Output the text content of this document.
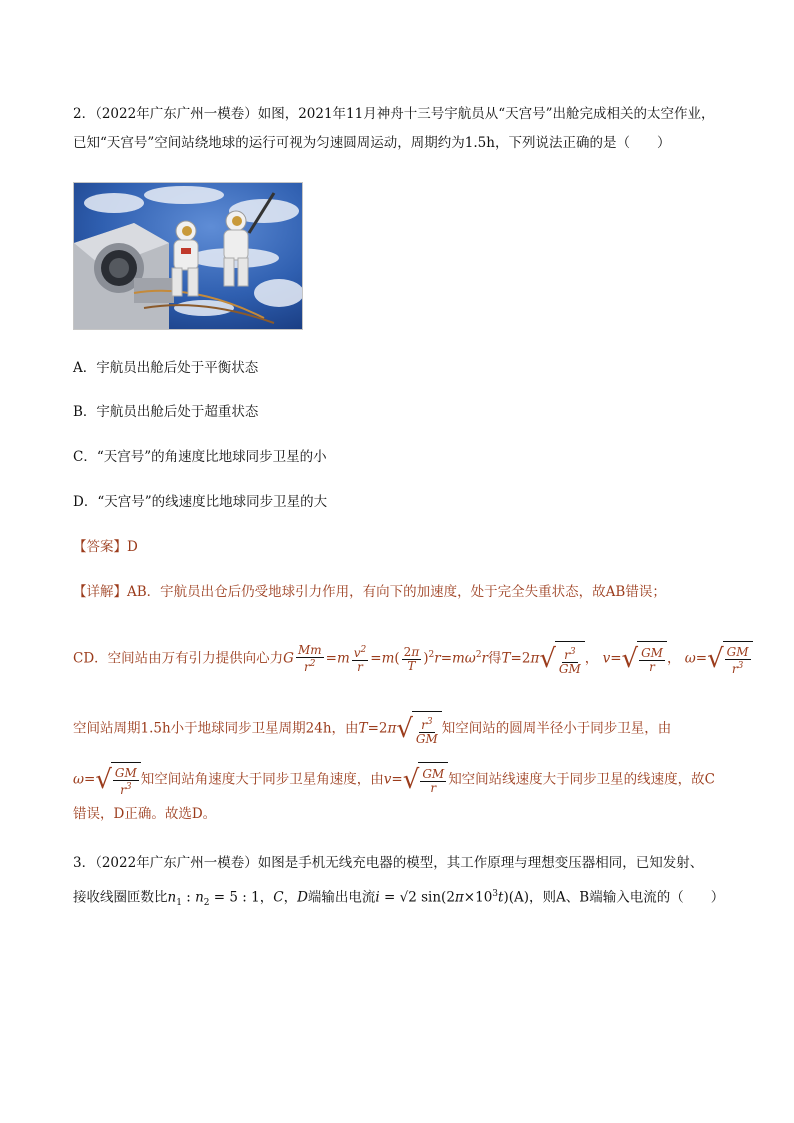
2．（2022年广东广州一模卷）如图，2021年11月神舟十三号宇航员从“天宫号”出舱完成相关的太空作业，
已知“天宫号”空间站绕地球的运行可视为匀速圆周运动，周期约为1.5h，下列说法正确的是（　　）
A．宇航员出舱后处于平衡状态
B．宇航员出舱后处于超重状态
C．“天宫号”的角速度比地球同步卫星的小
D．“天宫号”的线速度比地球同步卫星的大
【答案】D
【详解】AB．宇航员出仓后仍受地球引力作用，有向下的加速度，处于完全失重状态，故AB错误；
CD．空间站由万有引力提供向心力G $\frac{Mm}{r^2} =m \frac{v^2}{r} =m( \frac{2\pi}{T} )^2r=m\omega^2r$得T=2π √ $\frac{r^3}{GM}$ ， v= √ $\frac{GM}{r}$ ， ω= √ $\frac{GM}{r^3}$
空间站周期1.5h小于地球同步卫星周期24h，由T=2π √ $\frac{r^3}{GM}$ 知空间站的圆周半径小于同步卫星，由
ω= √ $\frac{GM}{r^3}$ 知空间站角速度大于同步卫星角速度，由v= √ $\frac{GM}{r}$ 知空间站线速度大于同步卫星的线速度，故C
错误，D正确。故选D。
3．（2022年广东广州一模卷）如图是手机无线充电器的模型，其工作原理与理想变压器相同，已知发射、
接收线圈匝数比$n_1$ : $n_2 = 5$ : 1，C，D端输出电流i = √2 $\sin(2\pi\times 10^3t)(A)$，则A、B端输入电流的（　　）
